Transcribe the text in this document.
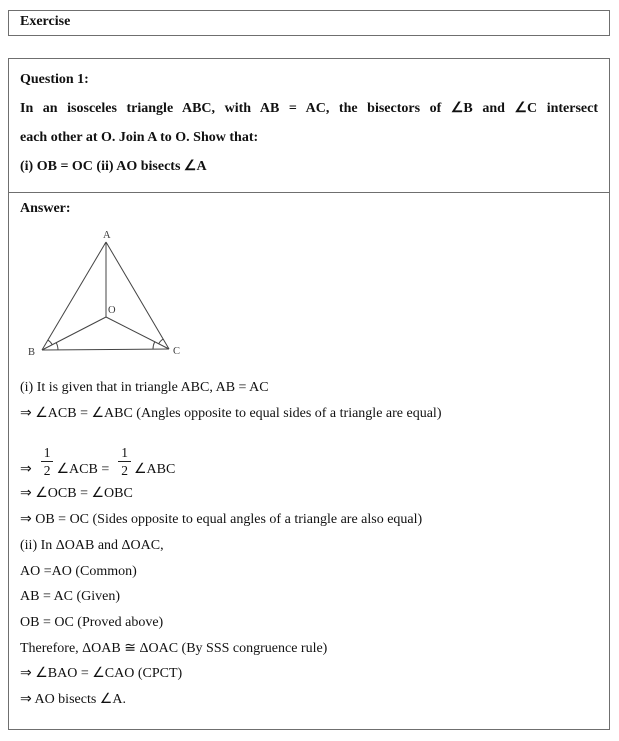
Exercise
Question 1:
In an isosceles triangle ABC, with AB = AC, the bisectors of ∠B and ∠C intersect
each other at O. Join A to O. Show that:
(i) OB = OC (ii) AO bisects ∠A
Answer:
A
B	C
O
(i) It is given that in triangle ABC, AB = AC
⇒ ∠ACB = ∠ABC (Angles opposite to equal sides of a triangle are equal)
⇒ $\frac{1}{2}$ ∠ACB = $\frac{1}{2}$ ∠ABC
⇒ ∠OCB = ∠OBC
⇒ OB = OC (Sides opposite to equal angles of a triangle are also equal)
(ii) In ΔOAB and ΔOAC,
AO =AO (Common)
AB = AC (Given)
OB = OC (Proved above)
Therefore, ΔOAB ≅ ΔOAC (By SSS congruence rule)
⇒ ∠BAO = ∠CAO (CPCT)
⇒ AO bisects ∠A.
